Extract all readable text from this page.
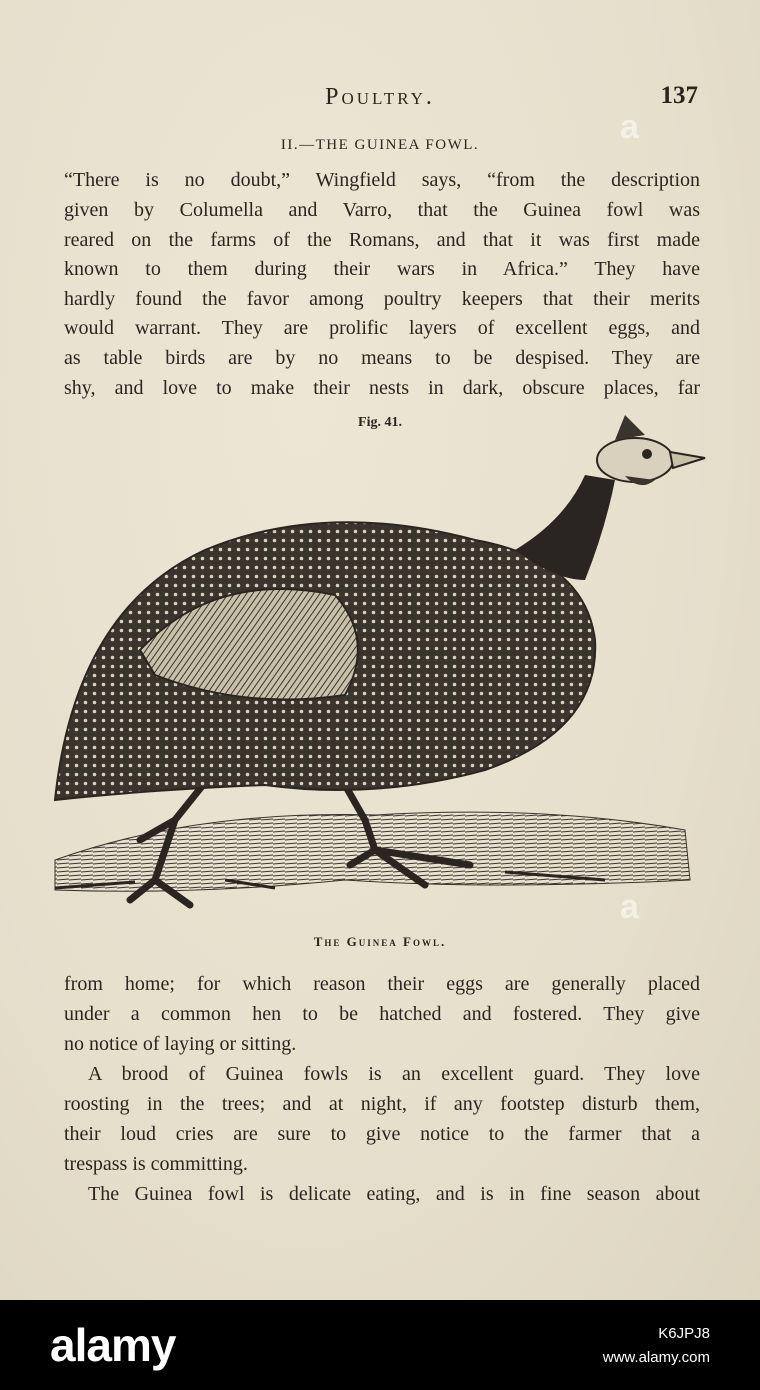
Poultry.	137
II.—THE GUINEA FOWL.
“There is no doubt,” Wingfield says, “from the description
given by Columella and Varro, that the Guinea fowl was
reared on the farms of the Romans, and that it was first made
known to them during their wars in Africa.” They have
hardly found the favor among poultry keepers that their merits
would warrant. They are prolific layers of excellent eggs, and
as table birds are by no means to be despised. They are
shy, and love to make their nests in dark, obscure places, far
Fig. 41.
The Guinea Fowl.
from home; for which reason their eggs are generally placed
under a common hen to be hatched and fostered. They give
no notice of laying or sitting.
A brood of Guinea fowls is an excellent guard. They love
roosting in the trees; and at night, if any footstep disturb them,
their loud cries are sure to give notice to the farmer that a
trespass is committing.
The Guinea fowl is delicate eating, and is in fine season about
a
a
alamy	K6JPJ8
www.alamy.com
